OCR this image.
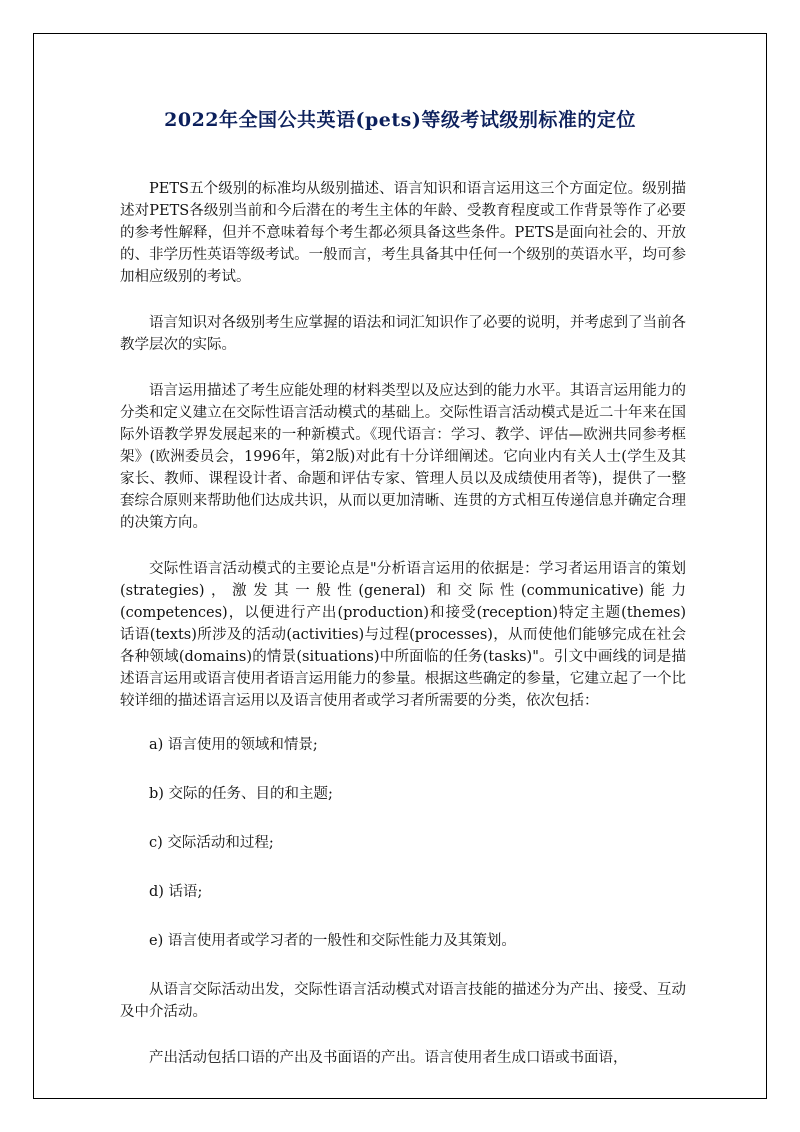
2022年全国公共英语(pets)等级考试级别标准的定位

PETS五个级别的标准均从级别描述、语言知识和语言运用这三个方面定位。级别描述对PETS各级别当前和今后潜在的考生主体的年龄、受教育程度或工作背景等作了必要的参考性解释，但并不意味着每个考生都必须具备这些条件。PETS是面向社会的、开放的、非学历性英语等级考试。一般而言，考生具备其中任何一个级别的英语水平，均可参加相应级别的考试。

语言知识对各级别考生应掌握的语法和词汇知识作了必要的说明，并考虑到了当前各教学层次的实际。

语言运用描述了考生应能处理的材料类型以及应达到的能力水平。其语言运用能力的分类和定义建立在交际性语言活动模式的基础上。交际性语言活动模式是近二十年来在国际外语教学界发展起来的一种新模式。《现代语言：学习、教学、评估—欧洲共同参考框架》(欧洲委员会，1996年，第2版)对此有十分详细阐述。它向业内有关人士(学生及其家长、教师、课程设计者、命题和评估专家、管理人员以及成绩使用者等)，提供了一整套综合原则来帮助他们达成共识，从而以更加清晰、连贯的方式相互传递信息并确定合理的决策方向。

交际性语言活动模式的主要论点是"分析语言运用的依据是：学习者运用语言的策划(strategies)，激发其一般性(general) 和交际性(communicative)能力(competences)，以便进行产出(production)和接受(reception)特定主题(themes) 话语(texts)所涉及的活动(activities)与过程(processes)，从而使他们能够完成在社会各种领域(domains)的情景(situations)中所面临的任务(tasks)"。引文中画线的词是描述语言运用或语言使用者语言运用能力的参量。根据这些确定的参量，它建立起了一个比较详细的描述语言运用以及语言使用者或学习者所需要的分类，依次包括：

a) 语言使用的领域和情景;

b) 交际的任务、目的和主题;

c) 交际活动和过程;

d) 话语;

e) 语言使用者或学习者的一般性和交际性能力及其策划。

从语言交际活动出发，交际性语言活动模式对语言技能的描述分为产出、接受、互动及中介活动。

产出活动包括口语的产出及书面语的产出。语言使用者生成口语或书面语，
